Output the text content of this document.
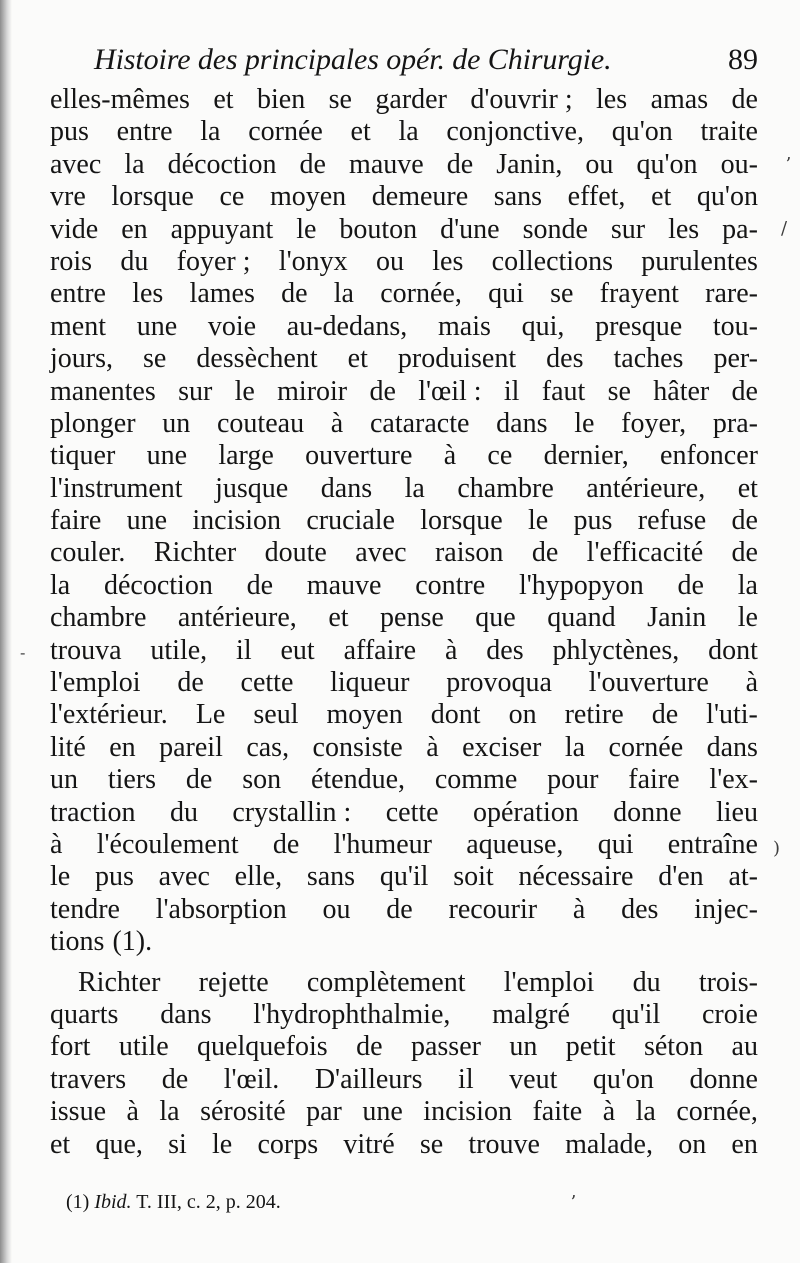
Histoire des principales opér. de Chirurgie.	89
elles-mêmes et bien se garder d'ouvrir ; les amas de
pus entre la cornée et la conjonctive, qu'on traite
avec la décoction de mauve de Janin, ou qu'on ou-
vre lorsque ce moyen demeure sans effet, et qu'on
vide en appuyant le bouton d'une sonde sur les pa-
rois du foyer ; l'onyx ou les collections purulentes
entre les lames de la cornée, qui se frayent rare-
ment une voie au-dedans, mais qui, presque tou-
jours, se dessèchent et produisent des taches per-
manentes sur le miroir de l'œil : il faut se hâter de
plonger un couteau à cataracte dans le foyer, pra-
tiquer une large ouverture à ce dernier, enfoncer
l'instrument jusque dans la chambre antérieure, et
faire une incision cruciale lorsque le pus refuse de
couler. Richter doute avec raison de l'efficacité de
la décoction de mauve contre l'hypopyon de la
chambre antérieure, et pense que quand Janin le
trouva utile, il eut affaire à des phlyctènes, dont
l'emploi de cette liqueur provoqua l'ouverture à
l'extérieur. Le seul moyen dont on retire de l'uti-
lité en pareil cas, consiste à exciser la cornée dans
un tiers de son étendue, comme pour faire l'ex-
traction du crystallin : cette opération donne lieu
à l'écoulement de l'humeur aqueuse, qui entraîne
le pus avec elle, sans qu'il soit nécessaire d'en at-
tendre l'absorption ou de recourir à des injec-
tions (1).
Richter rejette complètement l'emploi du trois-
quarts dans l'hydrophthalmie, malgré qu'il croie
fort utile quelquefois de passer un petit séton au
travers de l'œil. D'ailleurs il veut qu'on donne
issue à la sérosité par une incision faite à la cornée,
et que, si le corps vitré se trouve malade, on en
(1) Ibid. T. III, c. 2, p. 204.
ʼ
/
-
)
ʼ
